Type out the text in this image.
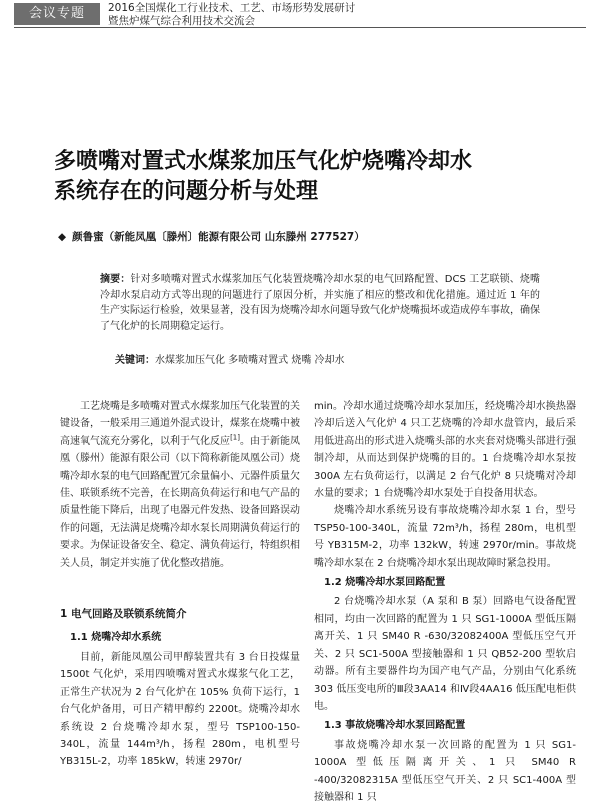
会议专题	2016全国煤化工行业技术、工艺、市场形势发展研讨
暨焦炉煤气综合利用技术交流会
多喷嘴对置式水煤浆加压气化炉烧嘴冷却水
系统存在的问题分析与处理
◆ 颜鲁蜜（新能凤凰〔滕州〕能源有限公司 山东滕州 277527）
摘要：针对多喷嘴对置式水煤浆加压气化装置烧嘴冷却水泵的电气回路配置、DCS 工艺联锁、烧嘴冷却水泵启动方式等出现的问题进行了原因分析，并实施了相应的整改和优化措施。通过近 1 年的生产实际运行检验，效果显著，没有因为烧嘴冷却水问题导致气化炉烧嘴损坏或造成停车事故，确保了气化炉的长周期稳定运行。
关键词：水煤浆加压气化 多喷嘴对置式 烧嘴 冷却水

工艺烧嘴是多喷嘴对置式水煤浆加压气化装置的关键设备，一般采用三通道外混式设计，煤浆在烧嘴中被高速氧气流充分雾化，以利于气化反应[1]。由于新能凤凰（滕州）能源有限公司（以下简称新能凤凰公司）烧嘴冷却水泵的电气回路配置冗余量偏小、元器件质量欠佳、联锁系统不完善，在长期高负荷运行和电气产品的质量性能下降后，出现了电器元件发热、设备回路误动作的问题，无法满足烧嘴冷却水泵长周期满负荷运行的要求。为保证设备安全、稳定、满负荷运行，特组织相关人员，制定并实施了优化整改措施。

1 电气回路及联锁系统简介
1.1 烧嘴冷却水系统

目前，新能凤凰公司甲醇装置共有 3 台日投煤量 1500t 气化炉，采用四喷嘴对置式水煤浆气化工艺，正常生产状况为 2 台气化炉在 105% 负荷下运行，1 台气化炉备用，可日产精甲醇约 2200t。烧嘴冷却水系统设 2 台烧嘴冷却水泵，型号 TSP100-150-340L，流量 144m³/h，扬程 280m，电机型号 YB315L-2，功率 185kW，转速 2970r/

min。冷却水通过烧嘴冷却水泵加压，经烧嘴冷却水换热器冷却后送入气化炉 4 只工艺烧嘴的冷却水盘管内，最后采用低进高出的形式进入烧嘴头部的水夹套对烧嘴头部进行强制冷却，从而达到保护烧嘴的目的。1 台烧嘴冷却水泵按 300A 左右负荷运行，以满足 2 台气化炉 8 只烧嘴对冷却水量的要求；1 台烧嘴冷却水泵处于自投备用状态。

烧嘴冷却水系统另设有事故烧嘴冷却水泵 1 台，型号 TSP50-100-340L，流量 72m³/h，扬程 280m，电机型号 YB315M-2，功率 132kW，转速 2970r/min。事故烧嘴冷却水泵在 2 台烧嘴冷却水泵出现故障时紧急投用。

1.2 烧嘴冷却水泵回路配置

2 台烧嘴冷却水泵（A 泵和 B 泵）回路电气设备配置相同，均由一次回路的配置为 1 只 SG1-1000A 型低压隔离开关、1 只 SM40 R -630/32082400A 型低压空气开关、2 只 SC1-500A 型接触器和 1 只 QB52-200 型软启动器。所有主要器件均为国产电气产品，分别由气化系统 303 低压变电所的Ⅲ段3AA14 和Ⅳ段4AA16 低压配电柜供电。

1.3 事故烧嘴冷却水泵回路配置

事故烧嘴冷却水泵一次回路的配置为 1 只 SG1-1000A 型低压隔离开关、1 只 SM40 R -400/32082315A 型低压空气开关、2 只 SC1-400A 型接触器和 1 只
